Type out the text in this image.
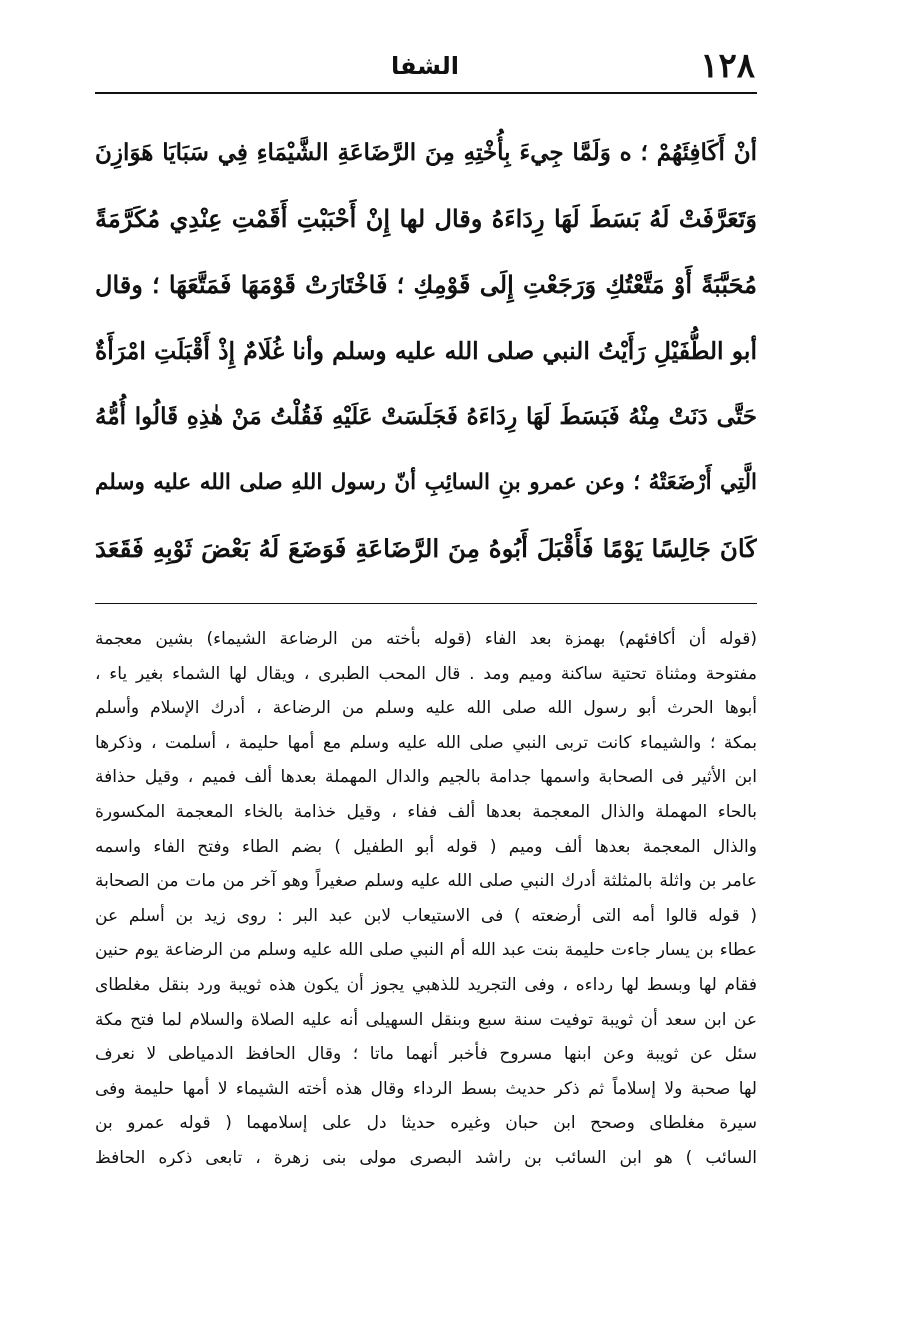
١٢٨
الشفا
أنْ أَكَافِئَهُمْ ؛ ه وَلَمَّا جِيءَ بِأُخْتِهِ مِنَ الرَّضَاعَةِ الشَّيْمَاءِ فِي سَبَايَا هَوَازِنَ
وَتَعَرَّفَتْ لَهُ بَسَطَ لَهَا رِدَاءَهُ وقال لها إِنْ أَحْبَبْتِ أَقَمْتِ عِنْدِي مُكَرَّمَةً
مُحَبَّبَةً أَوْ مَتَّعْتُكِ وَرَجَعْتِ إِلَى قَوْمِكِ ؛ فَاخْتَارَتْ قَوْمَهَا فَمَتَّعَهَا ؛ وقال
أبو الطُّفَيْلِ رَأَيْتُ النبي صلى الله عليه وسلم وأنا غُلَامٌ إِذْ أَقْبَلَتِ امْرَأَةٌ
حَتَّى دَنَتْ مِنْهُ فَبَسَطَ لَهَا رِدَاءَهُ فَجَلَسَتْ عَلَيْهِ فَقُلْتُ مَنْ هٰذِهِ قَالُوا أُمُّهُ
الَّتِي أَرْضَعَتْهُ ؛ وعن عمرو بنِ السائِبِ أنّ رسول اللهِ صلى الله عليه وسلم
كَانَ جَالِسًا يَوْمًا فَأَقْبَلَ أَبُوهُ مِنَ الرَّضَاعَةِ فَوَضَعَ لَهُ بَعْضَ ثَوْبِهِ فَقَعَدَ
(قوله أن أكافئهم) بهمزة بعد الفاء (قوله بأخته من الرضاعة الشيماء) بشين معجمة
مفتوحة ومثناة تحتية ساكنة وميم ومد . قال المحب الطبرى ، ويقال لها الشماء بغير ياء ،
أبوها الحرث أبو رسول الله صلى الله عليه وسلم من الرضاعة ، أدرك الإسلام وأسلم
بمكة ؛ والشيماء كانت تربى النبي صلى الله عليه وسلم مع أمها حليمة ، أسلمت ، وذكرها
ابن الأثير فى الصحابة واسمها جدامة بالجيم والدال المهملة بعدها ألف فميم ، وقيل حذافة
بالحاء المهملة والذال المعجمة بعدها ألف ففاء ، وقيل خذامة بالخاء المعجمة المكسورة
والذال المعجمة بعدها ألف وميم ( قوله أبو الطفيل ) بضم الطاء وفتح الفاء واسمه
عامر بن واثلة بالمثلثة أدرك النبي صلى الله عليه وسلم صغيراً وهو آخر من مات من الصحابة
( قوله قالوا أمه التى أرضعته ) فى الاستيعاب لابن عبد البر : روى زيد بن أسلم عن
عطاء بن يسار جاءت حليمة بنت عبد الله أم النبي صلى الله عليه وسلم من الرضاعة يوم حنين
فقام لها وبسط لها رداءه ، وفى التجريد للذهبي يجوز أن يكون هذه ثويبة ورد بنقل مغلطاى
عن ابن سعد أن ثويبة توفيت سنة سبع وبنقل السهيلى أنه عليه الصلاة والسلام لما فتح مكة
سئل عن ثويبة وعن ابنها مسروح فأخبر أنهما ماتا ؛ وقال الحافظ الدمياطى لا نعرف
لها صحبة ولا إسلاماً ثم ذكر حديث بسط الرداء وقال هذه أخته الشيماء لا أمها حليمة وفى
سيرة مغلطاى وصحح ابن حبان وغيره حديثا دل على إسلامهما ( قوله عمرو بن
السائب ) هو ابن السائب بن راشد البصرى مولى بنى زهرة ، تابعى ذكره الحافظ
